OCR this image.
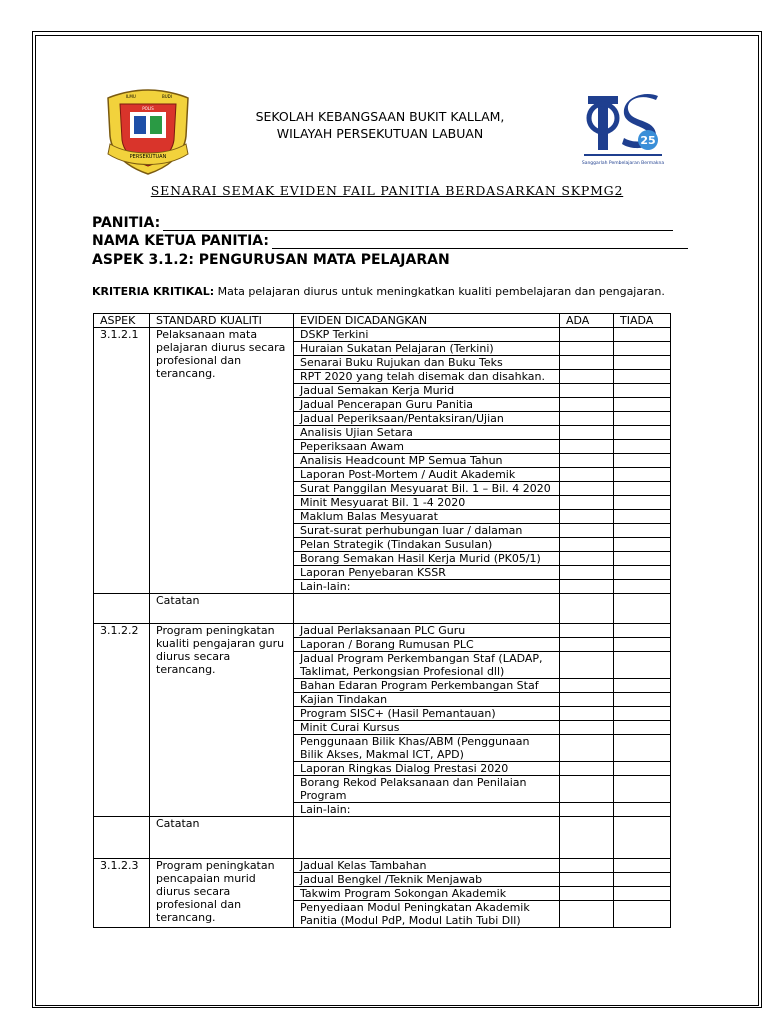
PERSEKUTUAN
ILMU	BUDI
POLIS
25
Sanggarlah Pembelajaran Bermakna
SEKOLAH KEBANGSAAN BUKIT KALLAM,
WILAYAH PERSEKUTUAN LABUAN
SENARAI SEMAK EVIDEN FAIL PANITIA BERDASARKAN SKPMG2
PANITIA:
NAMA KETUA PANITIA:
ASPEK 3.1.2: PENGURUSAN MATA PELAJARAN
KRITERIA KRITIKAL: Mata pelajaran diurus untuk meningkatkan kualiti pembelajaran dan pengajaran.
ASPEK	STANDARD KUALITI	EVIDEN DICADANGKAN	ADA	TIADA
3.1.2.1	Pelaksanaan mata pelajaran diurus secara profesional dan terancang.	DSKP Terkini		
		Huraian Sukatan Pelajaran (Terkini)		
		Senarai Buku Rujukan dan Buku Teks		
		RPT 2020 yang telah disemak dan disahkan.		
		Jadual Semakan Kerja Murid		
		Jadual Pencerapan Guru Panitia		
		Jadual Peperiksaan/Pentaksiran/Ujian		
		Analisis Ujian Setara		
		Peperiksaan Awam		
		Analisis Headcount MP Semua Tahun		
		Laporan Post-Mortem / Audit Akademik		
		Surat Panggilan Mesyuarat Bil. 1 – Bil. 4 2020		
		Minit Mesyuarat Bil. 1 -4 2020		
		Maklum Balas Mesyuarat		
		Surat-surat perhubungan luar / dalaman		
		Pelan Strategik (Tindakan Susulan)		
		Borang Semakan Hasil Kerja Murid (PK05/1)		
		Laporan Penyebaran KSSR		
		Lain-lain:		
	Catatan			
3.1.2.2	Program peningkatan kualiti pengajaran guru diurus secara terancang.	Jadual Perlaksanaan PLC Guru		
		Laporan / Borang Rumusan PLC		
		Jadual Program Perkembangan Staf (LADAP, Taklimat, Perkongsian Profesional dll)		
		Bahan Edaran Program Perkembangan Staf		
		Kajian Tindakan		
		Program SISC+ (Hasil Pemantauan)		
		Minit Curai Kursus		
		Penggunaan Bilik Khas/ABM (Penggunaan Bilik Akses, Makmal ICT, APD)		
		Laporan Ringkas Dialog Prestasi 2020		
		Borang Rekod Pelaksanaan dan Penilaian Program		
		Lain-lain:		
	Catatan			
3.1.2.3	Program peningkatan pencapaian murid diurus secara profesional dan terancang.	Jadual Kelas Tambahan		
		Jadual Bengkel /Teknik Menjawab		
		Takwim Program Sokongan Akademik		
		Penyediaan Modul Peningkatan Akademik Panitia (Modul PdP, Modul Latih Tubi Dll)		
